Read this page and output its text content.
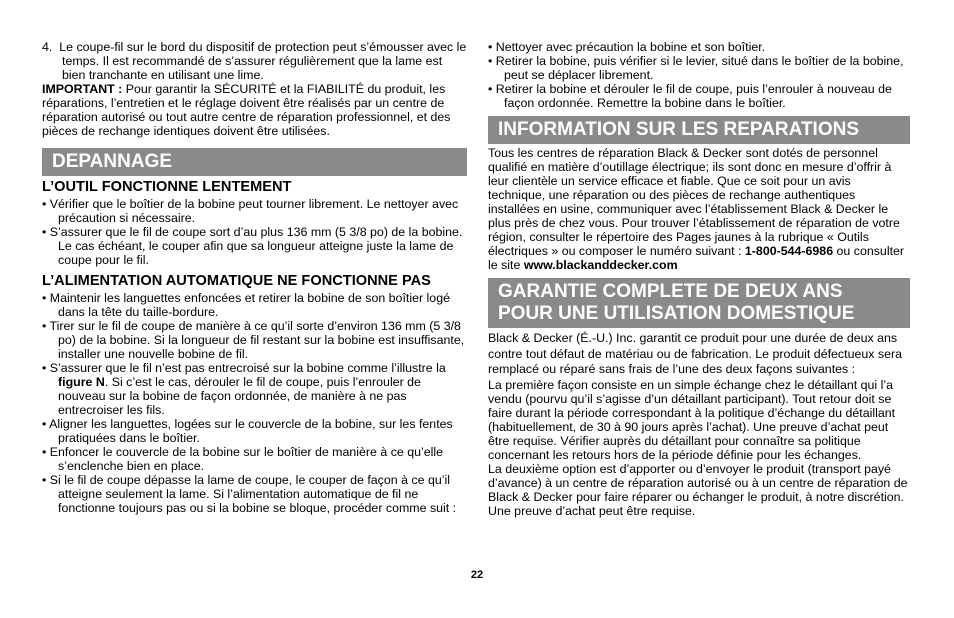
4. Le coupe-fil sur le bord du dispositif de protection peut s’émousser avec le temps. Il est recommandé de s’assurer régulièrement que la lame est bien tranchante en utilisant une lime.

IMPORTANT : Pour garantir la SÉCURITÉ et la FIABILITÉ du produit, les réparations, l’entretien et le réglage doivent être réalisés par un centre de réparation autorisé ou tout autre centre de réparation professionnel, et des pièces de rechange identiques doivent être utilisées.

DEPANNAGE
L’OUTIL FONCTIONNE LENTEMENT

• Vérifier que le boîtier de la bobine peut tourner librement. Le nettoyer avec précaution si nécessaire.

• S’assurer que le fil de coupe sort d’au plus 136 mm (5 3/8 po) de la bobine. Le cas échéant, le couper afin que sa longueur atteigne juste la lame de coupe pour le fil.

L’ALIMENTATION AUTOMATIQUE NE FONCTIONNE PAS

• Maintenir les languettes enfoncées et retirer la bobine de son boîtier logé dans la tête du taille-bordure.

• Tirer sur le fil de coupe de manière à ce qu’il sorte d’environ 136 mm (5 3/8 po) de la bobine. Si la longueur de fil restant sur la bobine est insuffisante, installer une nouvelle bobine de fil.

• S’assurer que le fil n’est pas entrecroisé sur la bobine comme l’illustre la figure N. Si c’est le cas, dérouler le fil de coupe, puis l’enrouler de nouveau sur la bobine de façon ordonnée, de manière à ne pas entrecroiser les fils.

• Aligner les languettes, logées sur le couvercle de la bobine, sur les fentes pratiquées dans le boîtier.

• Enfoncer le couvercle de la bobine sur le boîtier de manière à ce qu’elle s’enclenche bien en place.

• Si le fil de coupe dépasse la lame de coupe, le couper de façon à ce qu’il atteigne seulement la lame. Si l’alimentation automatique de fil ne fonctionne toujours pas ou si la bobine se bloque, procéder comme suit :

• Nettoyer avec précaution la bobine et son boîtier.

• Retirer la bobine, puis vérifier si le levier, situé dans le boîtier de la bobine, peut se déplacer librement.

• Retirer la bobine et dérouler le fil de coupe, puis l’enrouler à nouveau de façon ordonnée. Remettre la bobine dans le boîtier.

INFORMATION SUR LES REPARATIONS

Tous les centres de réparation Black & Decker sont dotés de personnel qualifié en matière d’outillage électrique; ils sont donc en mesure d’offrir à leur clientèle un service efficace et fiable. Que ce soit pour un avis technique, une réparation ou des pièces de rechange authentiques installées en usine, communiquer avec l’établissement Black & Decker le plus près de chez vous. Pour trouver l’établissement de réparation de votre région, consulter le répertoire des Pages jaunes à la rubrique « Outils électriques » ou composer le numéro suivant : 1-800-544-6986 ou consulter le site www.blackanddecker.com

GARANTIE COMPLETE DE DEUX ANS POUR UNE UTILISATION DOMESTIQUE

Black & Decker (É.-U.) Inc. garantit ce produit pour une durée de deux ans contre tout défaut de matériau ou de fabrication. Le produit défectueux sera remplacé ou réparé sans frais de l’une des deux façons suivantes :

La première façon consiste en un simple échange chez le détaillant qui l’a vendu (pourvu qu’il s’agisse d’un détaillant participant). Tout retour doit se faire durant la période correspondant à la politique d’échange du détaillant (habituellement, de 30 à 90 jours après l’achat). Une preuve d’achat peut être requise. Vérifier auprès du détaillant pour connaître sa politique concernant les retours hors de la période définie pour les échanges.

La deuxième option est d’apporter ou d’envoyer le produit (transport payé d’avance) à un centre de réparation autorisé ou à un centre de réparation de Black & Decker pour faire réparer ou échanger le produit, à notre discrétion. Une preuve d’achat peut être requise.

22
